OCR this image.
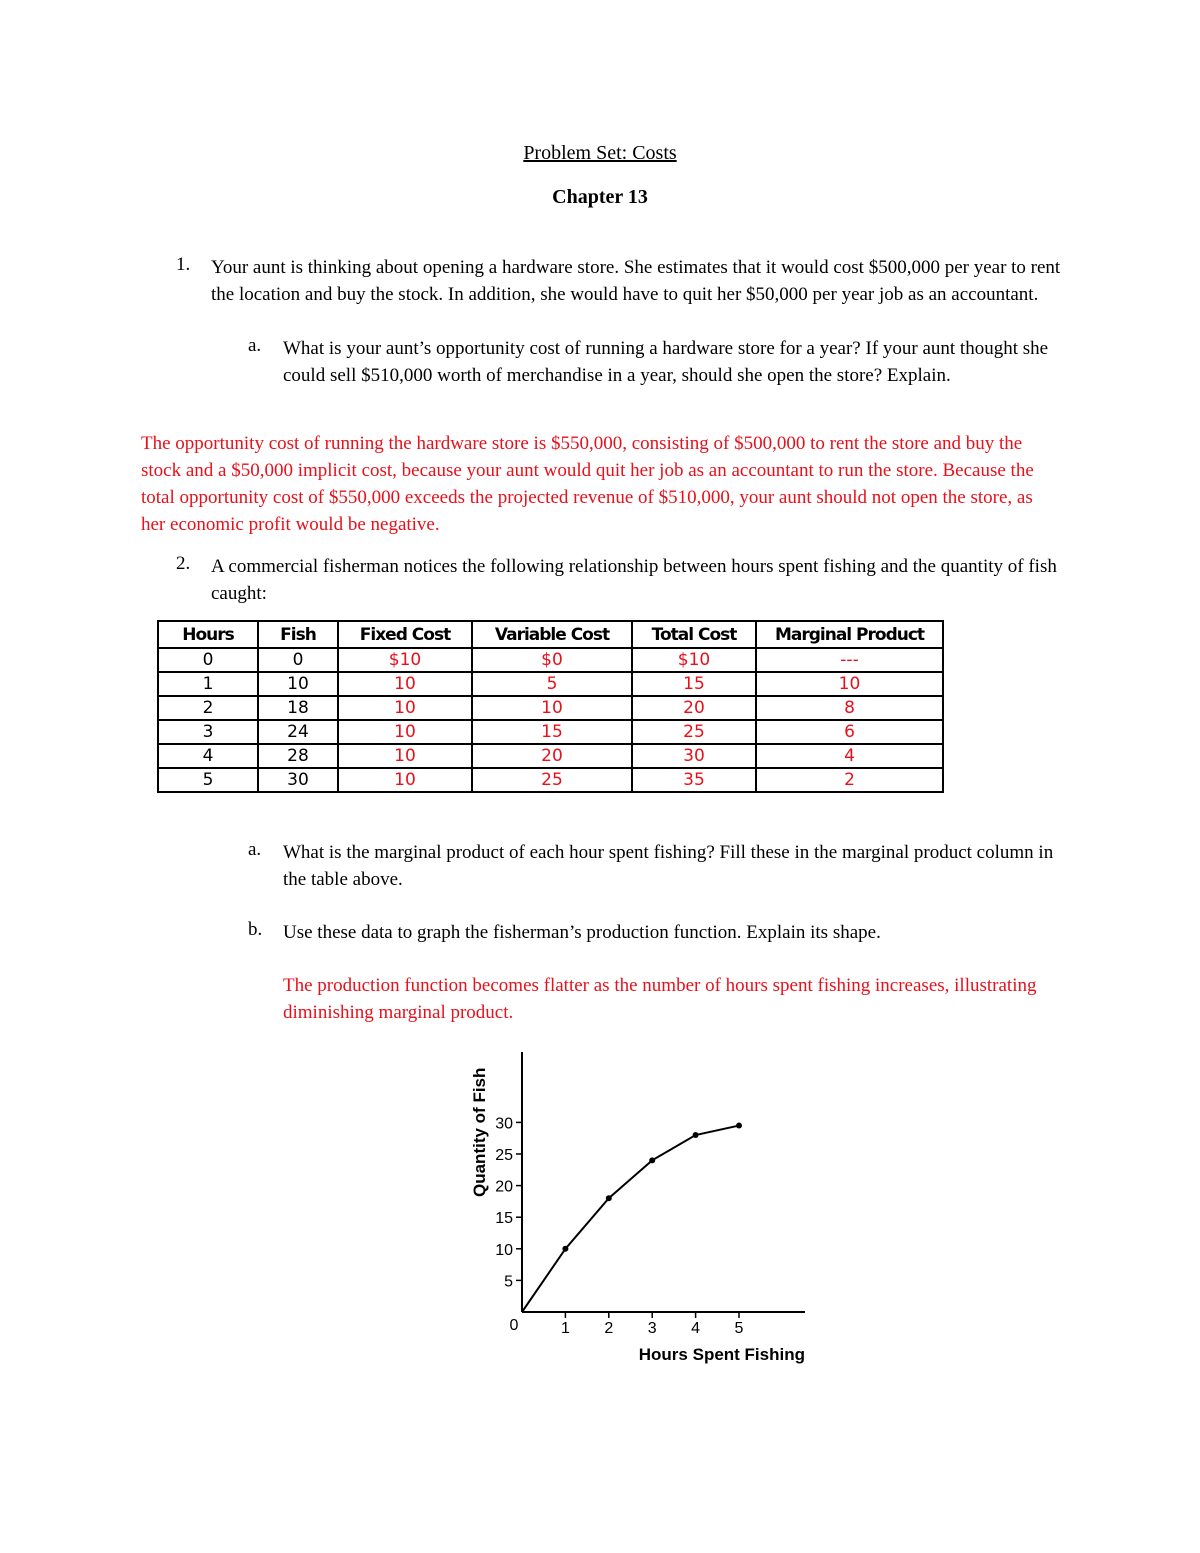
Problem Set: Costs
Chapter 13
1. Your aunt is thinking about opening a hardware store. She estimates that it would cost $500,000 per year to rent the location and buy the stock. In addition, she would have to quit her $50,000 per year job as an accountant.
a. What is your aunt’s opportunity cost of running a hardware store for a year? If your aunt thought she could sell $510,000 worth of merchandise in a year, should she open the store? Explain.
The opportunity cost of running the hardware store is $550,000, consisting of $500,000 to rent the store and buy the stock and a $50,000 implicit cost, because your aunt would quit her job as an accountant to run the store. Because the total opportunity cost of $550,000 exceeds the projected revenue of $510,000, your aunt should not open the store, as her economic profit would be negative.
2. A commercial fisherman notices the following relationship between hours spent fishing and the quantity of fish caught:
Hours	Fish	Fixed Cost	Variable Cost	Total Cost	Marginal Product
0	0	$10	$0	$10	---
1	10	10	5	15	10
2	18	10	10	20	8
3	24	10	15	25	6
4	28	10	20	30	4
5	30	10	25	35	2
a. What is the marginal product of each hour spent fishing? Fill these in the marginal product column in the table above.
b. Use these data to graph the fisherman’s production function. Explain its shape.
The production function becomes flatter as the number of hours spent fishing increases, illustrating diminishing marginal product.
0	1 2 3 4 5
5
10
15
20
25
30
Hours Spent Fishing
Quantity of Fish
